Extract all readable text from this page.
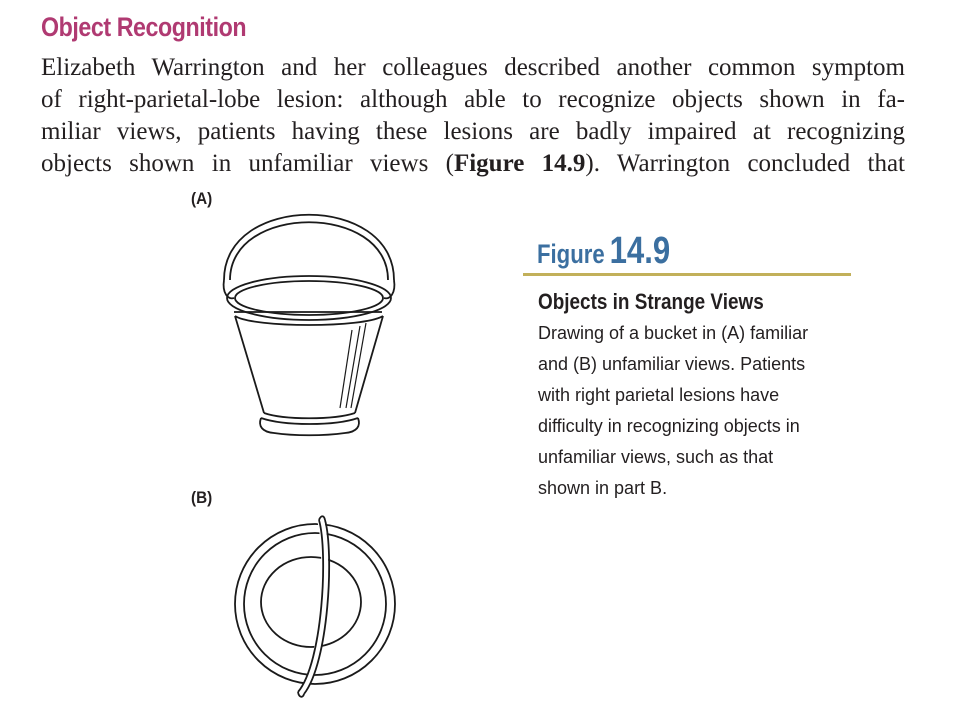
Object Recognition
Elizabeth Warrington and her colleagues described another common symptom
of right-parietal-lobe lesion: although able to recognize objects shown in fa-
miliar views, patients having these lesions are badly impaired at recognizing
objects shown in unfamiliar views (Figure 14.9). Warrington concluded that
(A)
(B)
Figure 14.9
Objects in Strange Views
Drawing of a bucket in (A) familiar
and (B) unfamiliar views. Patients
with right parietal lesions have
difficulty in recognizing objects in
unfamiliar views, such as that
shown in part B.
